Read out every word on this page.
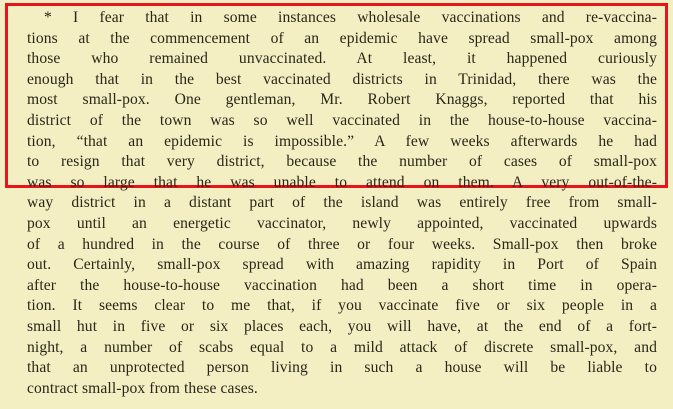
* I fear that in some instances wholesale vaccinations and re-vaccina-
tions at the commencement of an epidemic have spread small-pox among
those who remained unvaccinated. At least, it happened curiously
enough that in the best vaccinated districts in Trinidad, there was the
most small-pox. One gentleman, Mr. Robert Knaggs, reported that his
district of the town was so well vaccinated in the house-to-house vaccina-
tion, “that an epidemic is impossible.” A few weeks afterwards he had
to resign that very district, because the number of cases of small-pox
was so large that he was unable to attend on them. A very out-of-the-
way district in a distant part of the island was entirely free from small-
pox until an energetic vaccinator, newly appointed, vaccinated upwards
of a hundred in the course of three or four weeks. Small-pox then broke
out. Certainly, small-pox spread with amazing rapidity in Port of Spain
after the house-to-house vaccination had been a short time in opera-
tion. It seems clear to me that, if you vaccinate five or six people in a
small hut in five or six places each, you will have, at the end of a fort-
night, a number of scabs equal to a mild attack of discrete small-pox, and
that an unprotected person living in such a house will be liable to
contract small-pox from these cases.
